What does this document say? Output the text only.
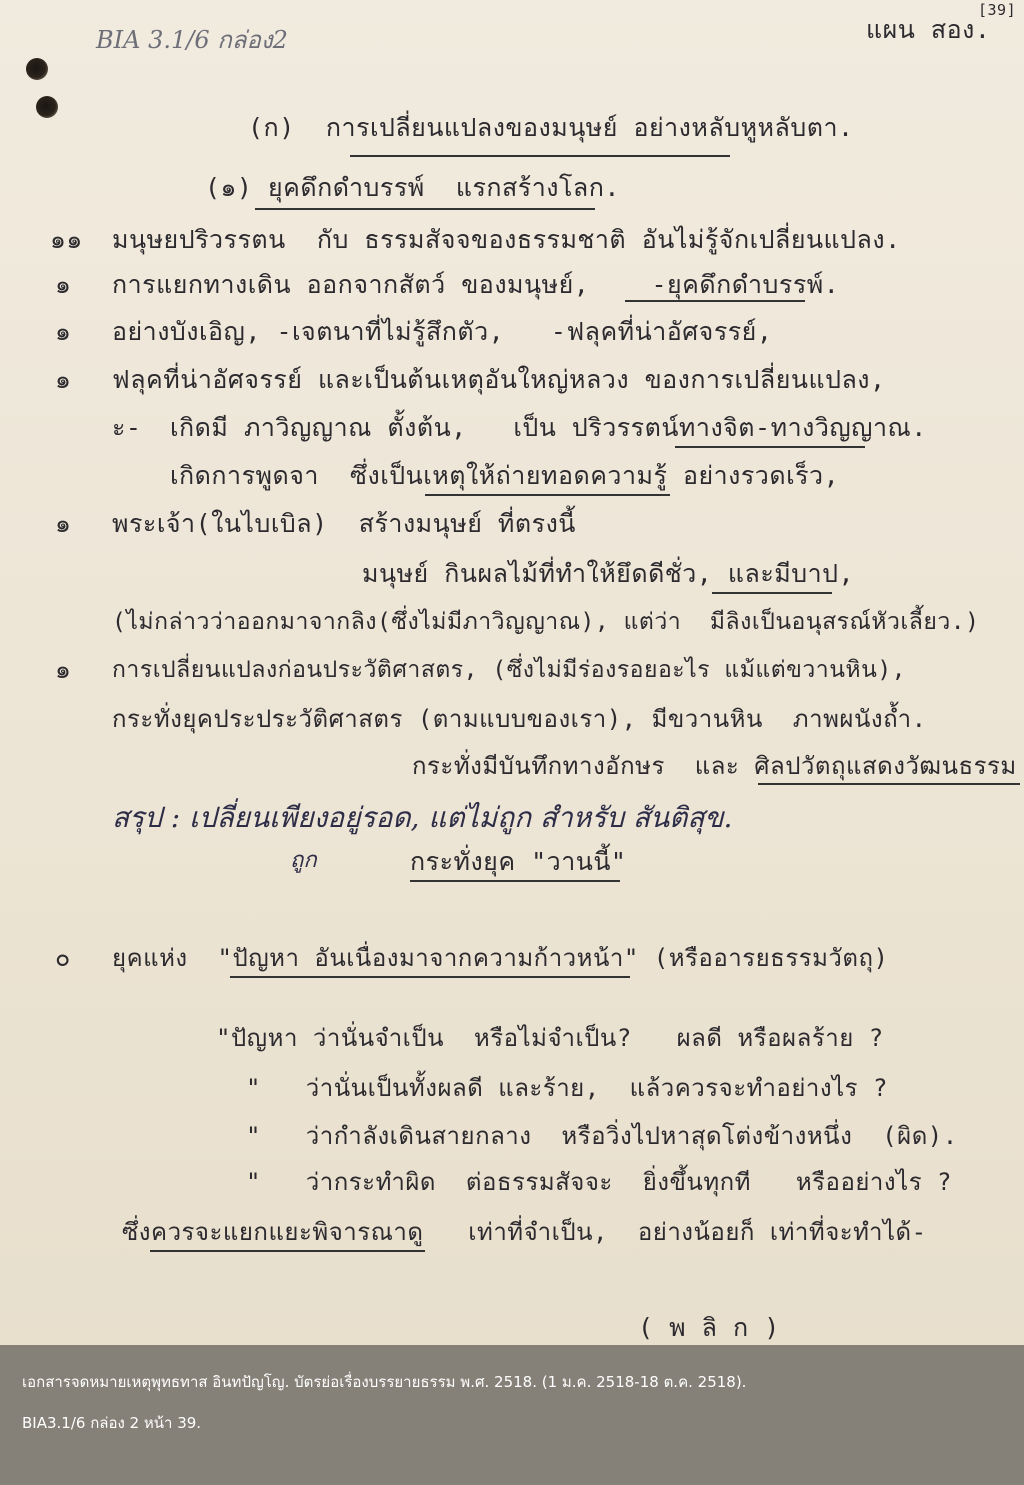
BIA 3.1/6 กล่อง2	แผน สอง.
[39]
(ก)  การเปลี่ยนแปลงของมนุษย์ อย่างหลับหูหลับตา.
(๑) ยุคดึกดำบรรพ์  แรกสร้างโลก.
๑๑ มนุษยปริวรรตน  กับ ธรรมสัจจของธรรมชาติ อันไม่รู้จักเปลี่ยนแปลง.
๑ การแยกทางเดิน ออกจากสัตว์ ของมนุษย์,    -ยุคดึกดำบรรพ์.
๑ อย่างบังเอิญ, -เจตนาที่ไม่รู้สึกตัว,   -ฟลุคที่น่าอัศจรรย์,
๑ ฟลุคที่น่าอัศจรรย์ และเป็นต้นเหตุอันใหญ่หลวง ของการเปลี่ยนแปลง,
ะ- เกิดมี ภาวิญญาณ ตั้งต้น,   เป็น ปริวรรตน์ทางจิต-ทางวิญญาณ.
เกิดการพูดจา  ซึ่งเป็นเหตุให้ถ่ายทอดความรู้ อย่างรวดเร็ว,
๑ พระเจ้า(ในไบเบิล)  สร้างมนุษย์ ที่ตรงนี้
มนุษย์ กินผลไม้ที่ทำให้ยึดดีชั่ว, และมีบาป,
(ไม่กล่าวว่าออกมาจากลิง(ซึ่งไม่มีภาวิญญาณ), แต่ว่า  มีลิงเป็นอนุสรณ์หัวเลี้ยว.)
๑ การเปลี่ยนแปลงก่อนประวัติศาสตร, (ซึ่งไม่มีร่องรอยอะไร แม้แต่ขวานหิน),
กระทั่งยุคประประวัติศาสตร (ตามแบบของเรา), มีขวานหิน  ภาพผนังถ้ำ.
กระทั่งมีบันทึกทางอักษร  และ ศิลปวัตถุแสดงวัฒนธรรม
สรุป : เปลี่ยนเพียงอยู่รอด, แต่ไม่ถูก สำหรับ สันติสุข.
ถูก	กระทั่งยุค "วานนี้"
๐ ยุคแห่ง  "ปัญหา อันเนื่องมาจากความก้าวหน้า" (หรืออารยธรรมวัตถุ)
"ปัญหา ว่านั่นจำเป็น  หรือไม่จำเป็น?   ผลดี หรือผลร้าย ?
"   ว่านั่นเป็นทั้งผลดี และร้าย,  แล้วควรจะทำอย่างไร ?
"   ว่ากำลังเดินสายกลาง  หรือวิ่งไปหาสุดโต่งข้างหนึ่ง  (ผิด).
"   ว่ากระทำผิด  ต่อธรรมสัจจะ  ยิ่งขึ้นทุกที   หรืออย่างไร ?
ซึ่งควรจะแยกแยะพิจารณาดู   เท่าที่จำเป็น,  อย่างน้อยก็ เท่าที่จะทำได้-
( พ ลิ ก )
เอกสารจดหมายเหตุพุทธทาส อินทปัญโญ. บัตรย่อเรื่องบรรยายธรรม พ.ศ. 2518. (1 ม.ค. 2518-18 ต.ค. 2518).
BIA3.1/6 กล่อง 2 หน้า 39.
